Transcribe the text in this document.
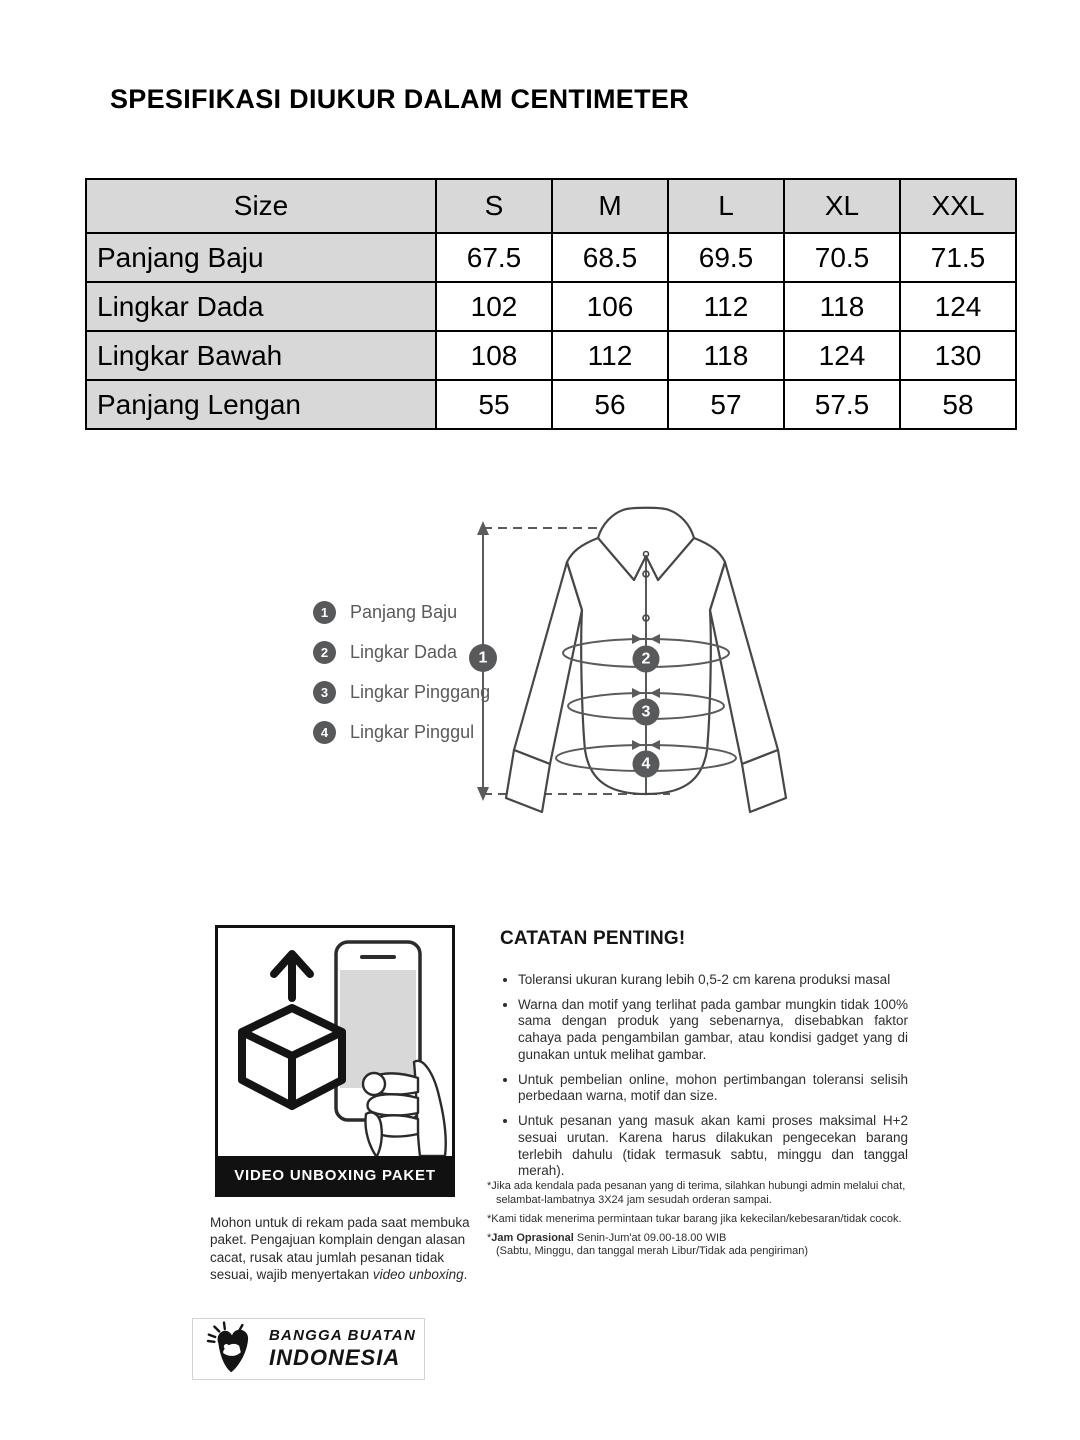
SPESIFIKASI DIUKUR DALAM CENTIMETER
Size	S	M	L	XL	XXL
Panjang Baju	67.5	68.5	69.5	70.5	71.5
Lingkar Dada	102	106	112	118	124
Lingkar Bawah	108	112	118	124	130
Panjang Lengan	55	56	57	57.5	58
1	Panjang Baju
2	Lingkar Dada
3	Lingkar Pinggang
4	Lingkar Pinggul
1	2
3
4
VIDEO UNBOXING PAKET

Mohon untuk di rekam pada saat membuka paket. Pengajuan komplain dengan alasan cacat, rusak atau jumlah pesanan tidak sesuai, wajib menyertakan video unboxing.

CATATAN PENTING!
• Toleransi ukuran kurang lebih 0,5-2 cm karena produksi masal
• Warna dan motif yang terlihat pada gambar mungkin tidak 100% sama dengan produk yang sebenarnya, disebabkan faktor cahaya pada pengambilan gambar, atau kondisi gadget yang di gunakan untuk melihat gambar.
• Untuk pembelian online, mohon pertimbangan toleransi selisih perbedaan warna, motif dan size.
• Untuk pesanan yang masuk akan kami proses maksimal H+2 sesuai urutan. Karena harus dilakukan pengecekan barang terlebih dahulu (tidak termasuk sabtu, minggu dan tanggal merah).
*Jika ada kendala pada pesanan yang di terima, silahkan hubungi admin melalui chat, selambat-lambatnya 3X24 jam sesudah orderan sampai.
*Kami tidak menerima permintaan tukar barang jika kekecilan/kebesaran/tidak cocok.
*Jam Oprasional Senin-Jum'at 09.00-18.00 WIB
(Sabtu, Minggu, dan tanggal merah Libur/Tidak ada pengiriman)
BANGGA BUATAN
INDONESIA
